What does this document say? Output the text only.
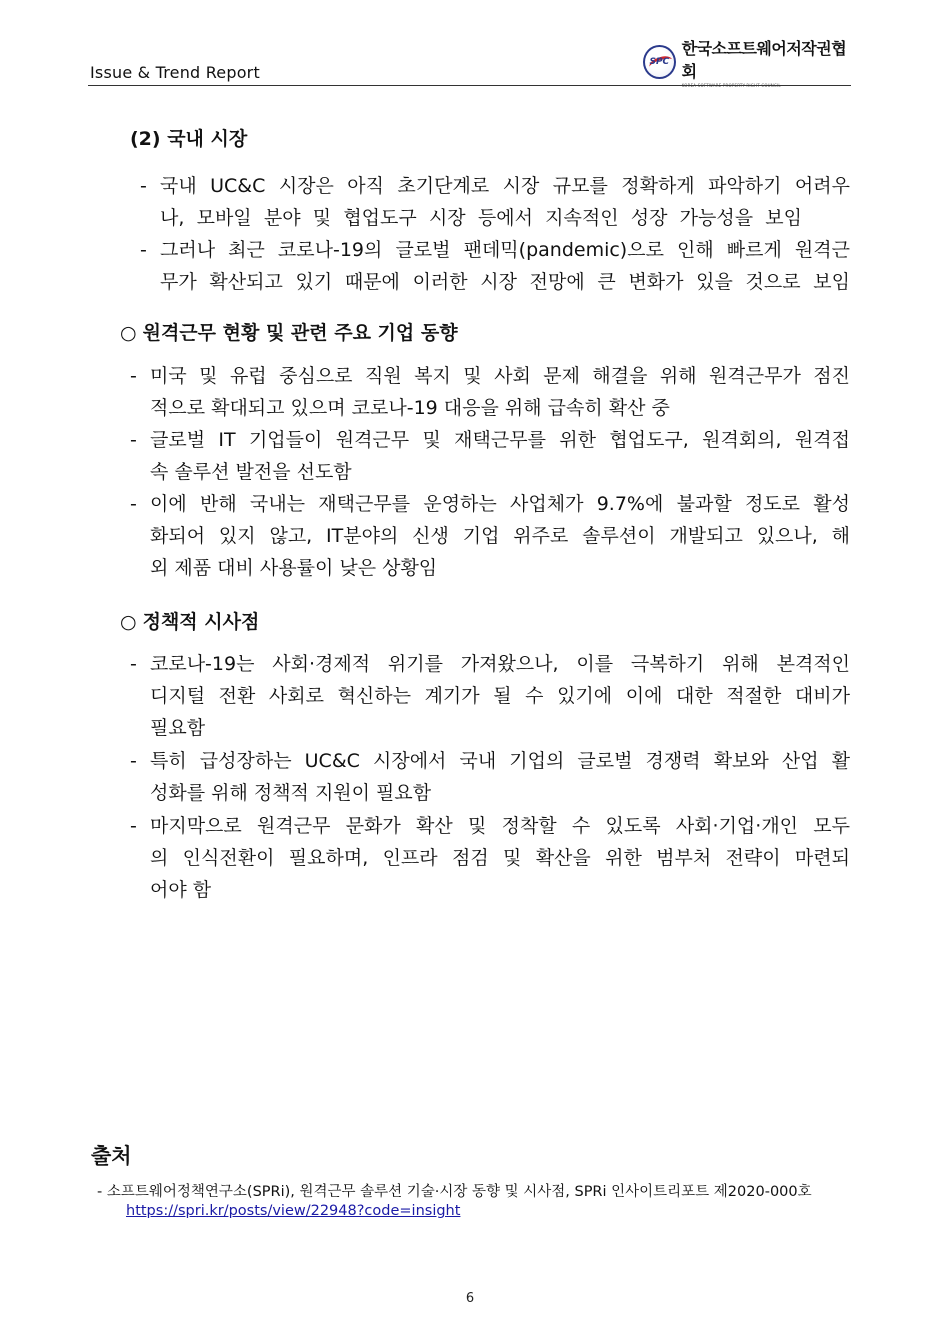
Issue & Trend Report
SPC
한국소프트웨어저작권협회
(2) 국내 시장
- 국내 UC&C 시장은 아직 초기단계로 시장 규모를 정확하게 파악하기 어려우
나, 모바일 분야 및 협업도구 시장 등에서 지속적인 성장 가능성을 보임
- 그러나 최근 코로나-19의 글로벌 팬데믹(pandemic)으로 인해 빠르게 원격근
무가 확산되고 있기 때문에 이러한 시장 전망에 큰 변화가 있을 것으로 보임
○ 원격근무 현황 및 관련 주요 기업 동향
- 미국 및 유럽 중심으로 직원 복지 및 사회 문제 해결을 위해 원격근무가 점진
적으로 확대되고 있으며 코로나-19 대응을 위해 급속히 확산 중
- 글로벌 IT 기업들이 원격근무 및 재택근무를 위한 협업도구, 원격회의, 원격접
속 솔루션 발전을 선도함
- 이에 반해 국내는 재택근무를 운영하는 사업체가 9.7%에 불과할 정도로 활성
화되어 있지 않고, IT분야의 신생 기업 위주로 솔루션이 개발되고 있으나, 해
외 제품 대비 사용률이 낮은 상황임
○ 정책적 시사점
- 코로나-19는 사회·경제적 위기를 가져왔으나, 이를 극복하기 위해 본격적인
디지털 전환 사회로 혁신하는 계기가 될 수 있기에 이에 대한 적절한 대비가
필요함
- 특히 급성장하는 UC&C 시장에서 국내 기업의 글로벌 경쟁력 확보와 산업 활
성화를 위해 정책적 지원이 필요함
- 마지막으로 원격근무 문화가 확산 및 정착할 수 있도록 사회·기업·개인 모두
의 인식전환이 필요하며, 인프라 점검 및 확산을 위한 범부처 전략이 마련되
어야 함
출처
- 소프트웨어정책연구소(SPRi), 원격근무 솔루션 기술·시장 동향 및 시사점, SPRi 인사이트리포트 제2020-000호
https://spri.kr/posts/view/22948?code=insight
6
